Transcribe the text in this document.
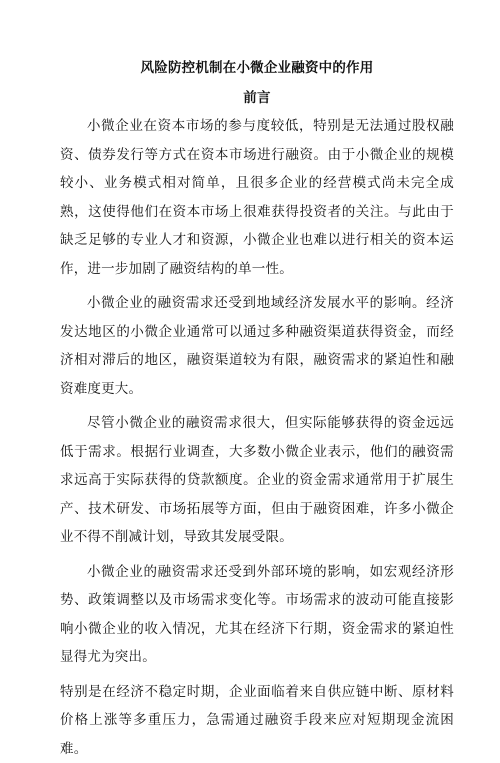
风险防控机制在小微企业融资中的作用
前言

小微企业在资本市场的参与度较低，特别是无法通过股权融资、债券发行等方式在资本市场进行融资。由于小微企业的规模较小、业务模式相对简单，且很多企业的经营模式尚未完全成熟，这使得他们在资本市场上很难获得投资者的关注。与此由于缺乏足够的专业人才和资源，小微企业也难以进行相关的资本运作，进一步加剧了融资结构的单一性。

小微企业的融资需求还受到地域经济发展水平的影响。经济发达地区的小微企业通常可以通过多种融资渠道获得资金，而经济相对滞后的地区，融资渠道较为有限，融资需求的紧迫性和融资难度更大。

尽管小微企业的融资需求很大，但实际能够获得的资金远远低于需求。根据行业调查，大多数小微企业表示，他们的融资需求远高于实际获得的贷款额度。企业的资金需求通常用于扩展生产、技术研发、市场拓展等方面，但由于融资困难，许多小微企业不得不削减计划，导致其发展受限。

小微企业的融资需求还受到外部环境的影响，如宏观经济形势、政策调整以及市场需求变化等。市场需求的波动可能直接影响小微企业的收入情况，尤其在经济下行期，资金需求的紧迫性显得尤为突出。

特别是在经济不稳定时期，企业面临着来自供应链中断、原材料价格上涨等多重压力，急需通过融资手段来应对短期现金流困难。
